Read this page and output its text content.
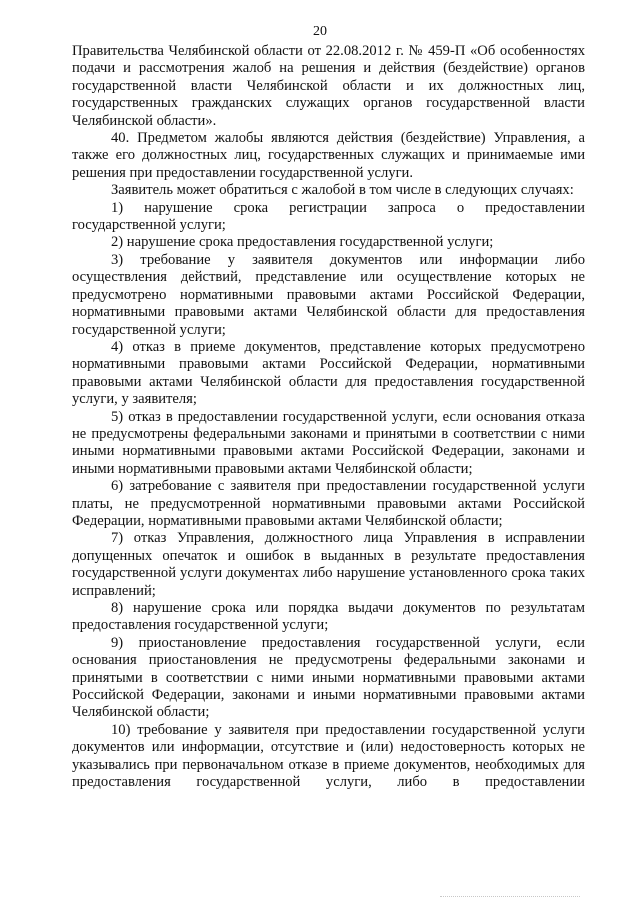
20

Правительства Челябинской области от 22.08.2012 г. № 459-П «Об особенностях подачи и рассмотрения жалоб на решения и действия (бездействие) органов государственной власти Челябинской области и их должностных лиц, государственных гражданских служащих органов государственной власти Челябинской области».

40. Предметом жалобы являются действия (бездействие) Управления, а также его должностных лиц, государственных служащих и принимаемые ими решения при предоставлении государственной услуги.

Заявитель может обратиться с жалобой в том числе в следующих случаях:

1) нарушение срока регистрации запроса о предоставлении государственной услуги;

2) нарушение срока предоставления государственной услуги;

3) требование у заявителя документов или информации либо осуществления действий, представление или осуществление которых не предусмотрено нормативными правовыми актами Российской Федерации, нормативными правовыми актами Челябинской области для предоставления государственной услуги;

4) отказ в приеме документов, представление которых предусмотрено нормативными правовыми актами Российской Федерации, нормативными правовыми актами Челябинской области для предоставления государственной услуги, у заявителя;

5) отказ в предоставлении государственной услуги, если основания отказа не предусмотрены федеральными законами и принятыми в соответствии с ними иными нормативными правовыми актами Российской Федерации, законами и иными нормативными правовыми актами Челябинской области;

6) затребование с заявителя при предоставлении государственной услуги платы, не предусмотренной нормативными правовыми актами Российской Федерации, нормативными правовыми актами Челябинской области;

7) отказ Управления, должностного лица Управления в исправлении допущенных опечаток и ошибок в выданных в результате предоставления государственной услуги документах либо нарушение установленного срока таких исправлений;

8) нарушение срока или порядка выдачи документов по результатам предоставления государственной услуги;

9) приостановление предоставления государственной услуги, если основания приостановления не предусмотрены федеральными законами и принятыми в соответствии с ними иными нормативными правовыми актами Российской Федерации, законами и иными нормативными правовыми актами Челябинской области;

10) требование у заявителя при предоставлении государственной услуги документов или информации, отсутствие и (или) недостоверность которых не указывались при первоначальном отказе в приеме документов, необходимых для предоставления государственной услуги, либо в предоставлении
